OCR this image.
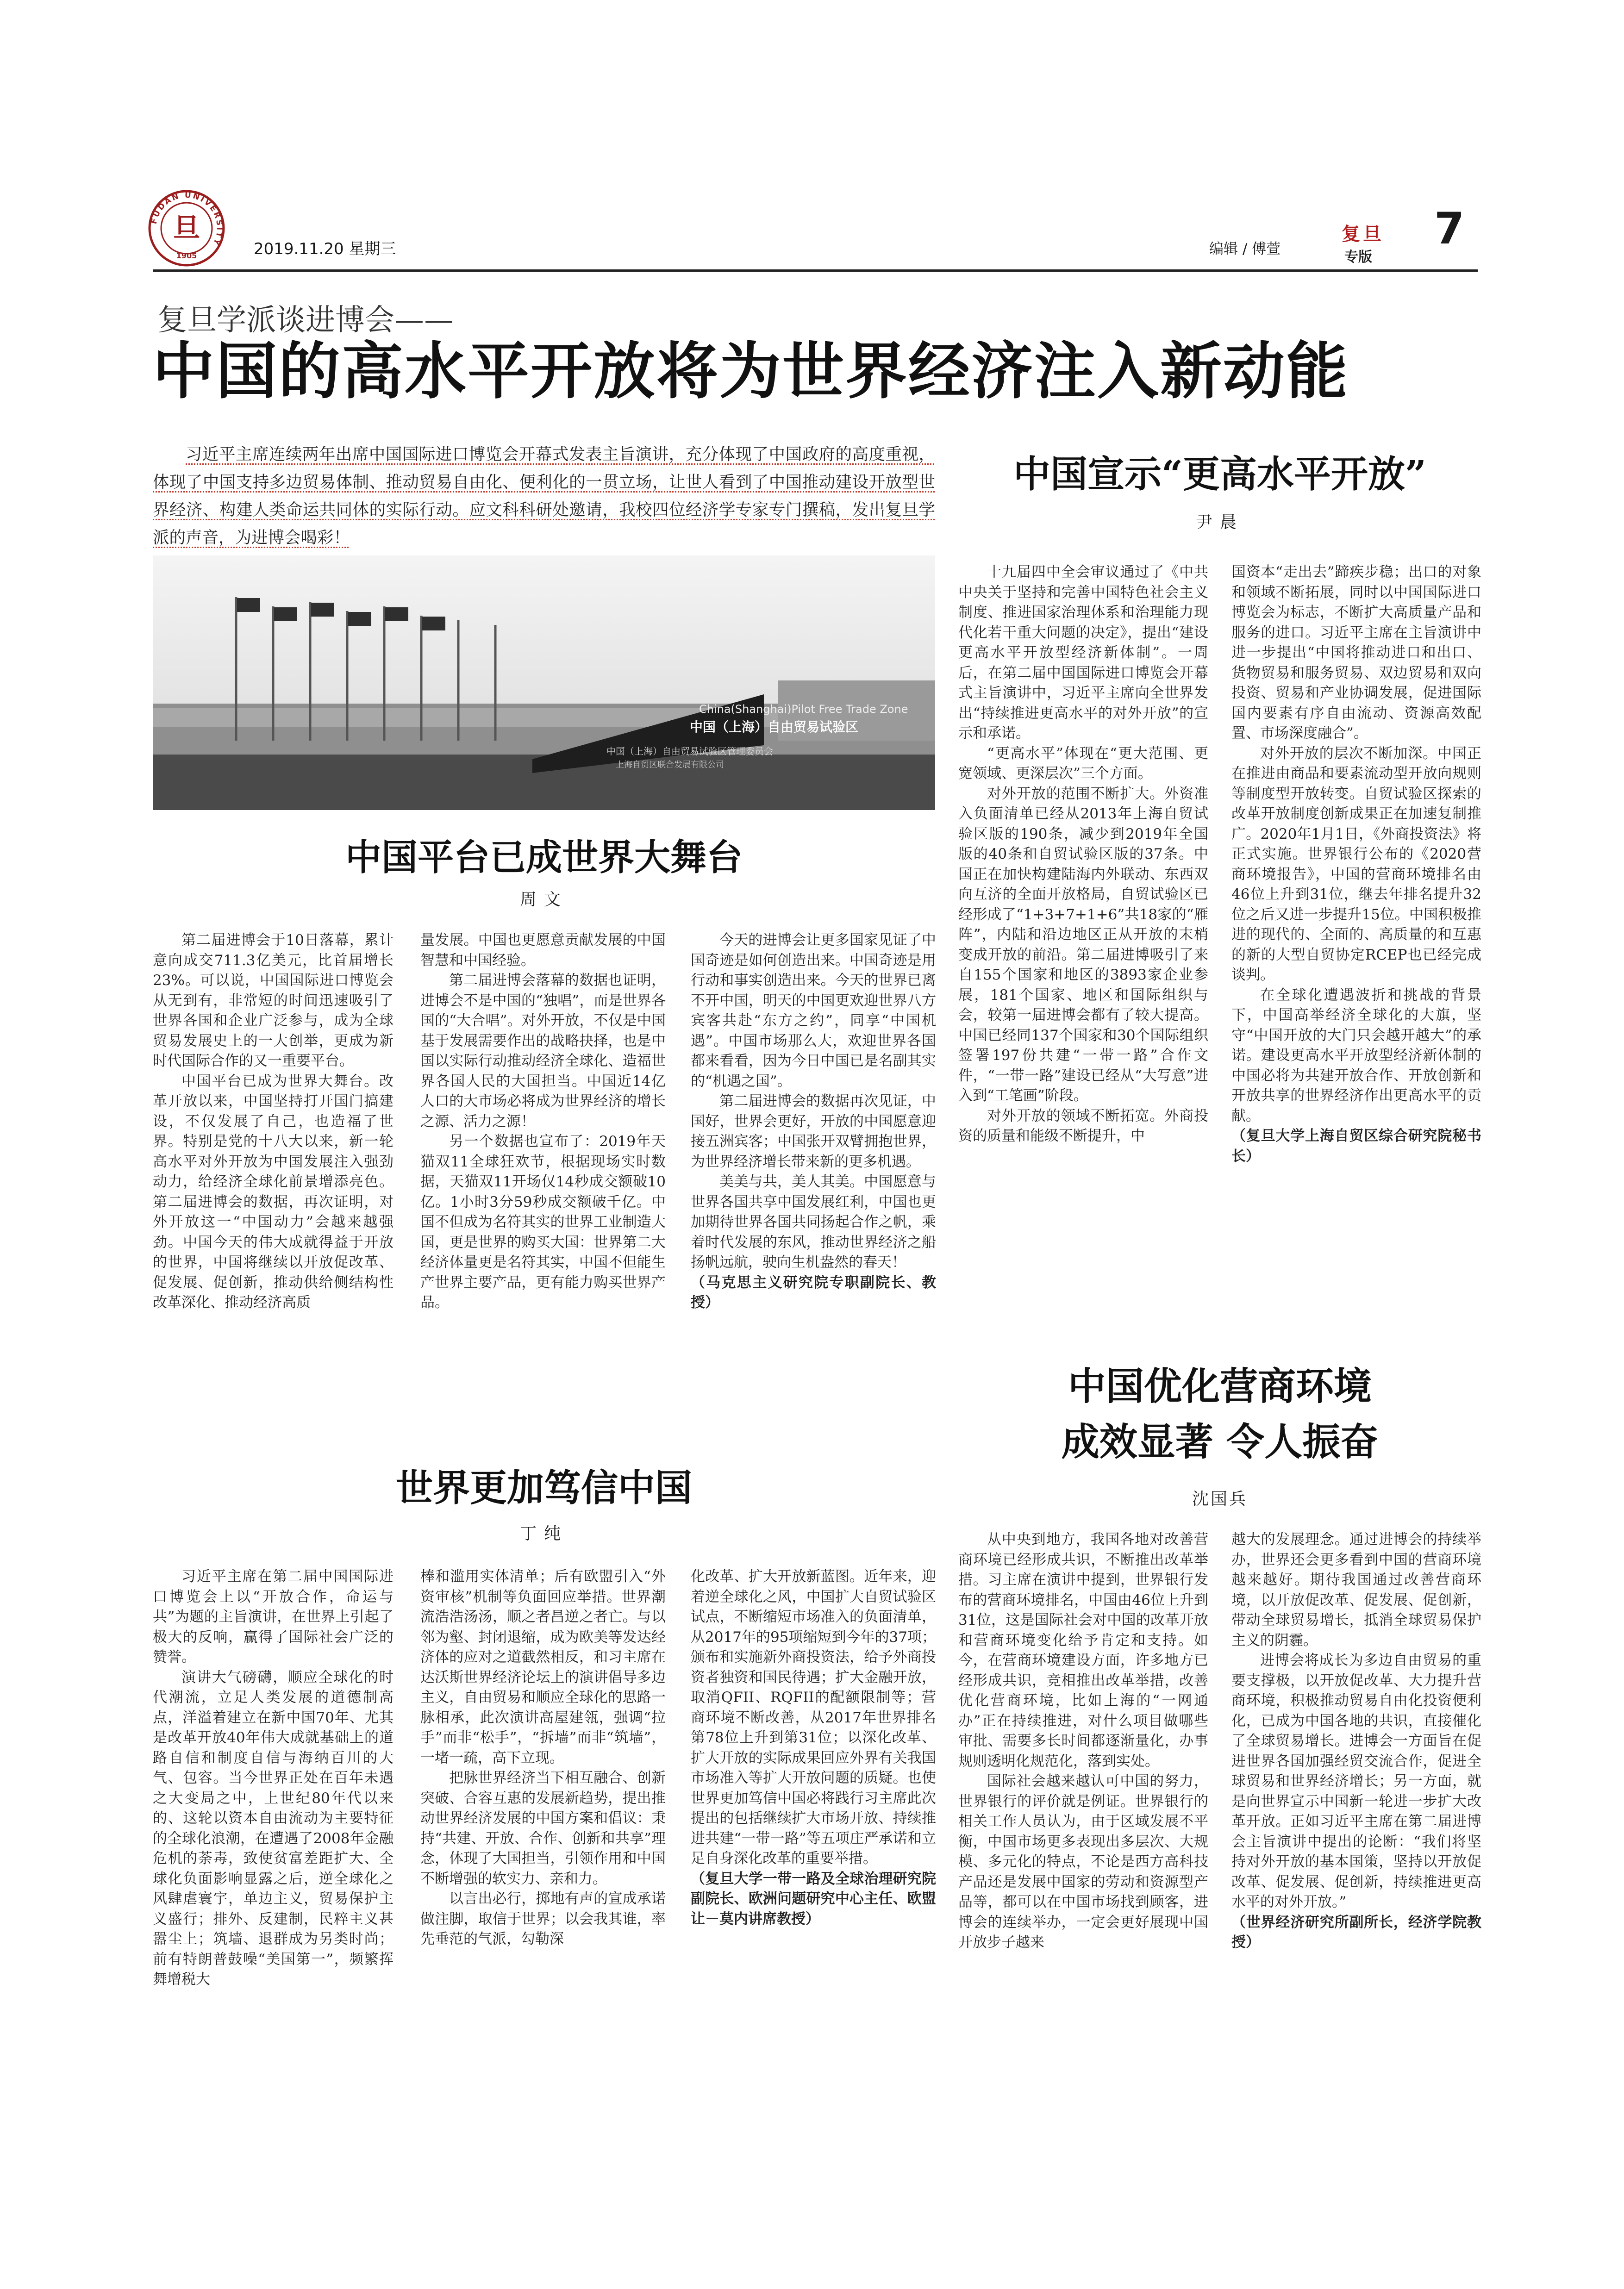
FUDAN UNIVERSITY
旦
1905	2019.11.20 星期三	编辑 / 傅萱
复旦
专版
7
复旦学派谈进博会——
中国的高水平开放将为世界经济注入新动能
习近平主席连续两年出席中国国际进口博览会开幕式发表主旨演讲，充分体现了中国政府的高度重视，体现了中国支持多边贸易体制、推动贸易自由化、便利化的一贯立场，让世人看到了中国推动建设开放型世界经济、构建人类命运共同体的实际行动。应文科科研处邀请，我校四位经济学专家专门撰稿，发出复旦学派的声音，为进博会喝彩！
China(Shanghai)Pilot Free Trade Zone
中国（上海）自由贸易试验区
中国（上海）自由贸易试验区管理委员会
上海自贸区联合发展有限公司
中国平台已成世界大舞台
周文

第二届进博会于10日落幕，累计意向成交711.3亿美元，比首届增长23%。可以说，中国国际进口博览会从无到有，非常短的时间迅速吸引了世界各国和企业广泛参与，成为全球贸易发展史上的一大创举，更成为新时代国际合作的又一重要平台。

中国平台已成为世界大舞台。改革开放以来，中国坚持打开国门搞建设，不仅发展了自己，也造福了世界。特别是党的十八大以来，新一轮高水平对外开放为中国发展注入强劲动力，给经济全球化前景增添亮色。第二届进博会的数据，再次证明，对外开放这一“中国动力”会越来越强劲。中国今天的伟大成就得益于开放的世界，中国将继续以开放促改革、促发展、促创新，推动供给侧结构性改革深化、推动经济高质

量发展。中国也更愿意贡献发展的中国智慧和中国经验。

第二届进博会落幕的数据也证明，进博会不是中国的“独唱”，而是世界各国的“大合唱”。对外开放，不仅是中国基于发展需要作出的战略抉择，也是中国以实际行动推动经济全球化、造福世界各国人民的大国担当。中国近14亿人口的大市场必将成为世界经济的增长之源、活力之源！

另一个数据也宣布了：2019年天猫双11全球狂欢节，根据现场实时数据，天猫双11开场仅14秒成交额破10亿。1小时3分59秒成交额破千亿。中国不但成为名符其实的世界工业制造大国，更是世界的购买大国：世界第二大经济体量更是名符其实，中国不但能生产世界主要产品，更有能力购买世界产品。

今天的进博会让更多国家见证了中国奇迹是如何创造出来。中国奇迹是用行动和事实创造出来。今天的世界已离不开中国，明天的中国更欢迎世界八方宾客共赴“东方之约”，同享“中国机遇”。中国市场那么大，欢迎世界各国都来看看，因为今日中国已是名副其实的“机遇之国”。

第二届进博会的数据再次见证，中国好，世界会更好，开放的中国愿意迎接五洲宾客；中国张开双臂拥抱世界，为世界经济增长带来新的更多机遇。

美美与共，美人其美。中国愿意与世界各国共享中国发展红利，中国也更加期待世界各国共同扬起合作之帆，乘着时代发展的东风，推动世界经济之船扬帆远航，驶向生机盎然的春天！

（马克思主义研究院专职副院长、教授）

中国宣示“更高水平开放”
尹晨

十九届四中全会审议通过了《中共中央关于坚持和完善中国特色社会主义制度、推进国家治理体系和治理能力现代化若干重大问题的决定》，提出“建设更高水平开放型经济新体制”。一周后，在第二届中国国际进口博览会开幕式主旨演讲中，习近平主席向全世界发出“持续推进更高水平的对外开放”的宣示和承诺。

“更高水平”体现在“更大范围、更宽领域、更深层次”三个方面。

对外开放的范围不断扩大。外资准入负面清单已经从2013年上海自贸试验区版的190条，减少到2019年全国版的40条和自贸试验区版的37条。中国正在加快构建陆海内外联动、东西双向互济的全面开放格局，自贸试验区已经形成了“1+3+7+1+6”共18家的“雁阵”，内陆和沿边地区正从开放的末梢变成开放的前沿。第二届进博吸引了来自155个国家和地区的3893家企业参展，181个国家、地区和国际组织与会，较第一届进博会都有了较大提高。中国已经同137个国家和30个国际组织签署197份共建“一带一路”合作文件，“一带一路”建设已经从“大写意”进入到“工笔画”阶段。

对外开放的领域不断拓宽。外商投资的质量和能级不断提升，中

国资本“走出去”蹄疾步稳；出口的对象和领域不断拓展，同时以中国国际进口博览会为标志，不断扩大高质量产品和服务的进口。习近平主席在主旨演讲中进一步提出“中国将推动进口和出口、货物贸易和服务贸易、双边贸易和双向投资、贸易和产业协调发展，促进国际国内要素有序自由流动、资源高效配置、市场深度融合”。

对外开放的层次不断加深。中国正在推进由商品和要素流动型开放向规则等制度型开放转变。自贸试验区探索的改革开放制度创新成果正在加速复制推广。2020年1月1日，《外商投资法》将正式实施。世界银行公布的《2020营商环境报告》，中国的营商环境排名由46位上升到31位，继去年排名提升32位之后又进一步提升15位。中国积极推进的现代的、全面的、高质量的和互惠的新的大型自贸协定RCEP也已经完成谈判。

在全球化遭遇波折和挑战的背景下，中国高举经济全球化的大旗，坚守“中国开放的大门只会越开越大”的承诺。建设更高水平开放型经济新体制的中国必将为共建开放合作、开放创新和开放共享的世界经济作出更高水平的贡献。

（复旦大学上海自贸区综合研究院秘书长）

世界更加笃信中国
丁纯

习近平主席在第二届中国国际进口博览会上以“开放合作，命运与共”为题的主旨演讲，在世界上引起了极大的反响，赢得了国际社会广泛的赞誉。

演讲大气磅礴，顺应全球化的时代潮流，立足人类发展的道德制高点，洋溢着建立在新中国70年、尤其是改革开放40年伟大成就基础上的道路自信和制度自信与海纳百川的大气、包容。当今世界正处在百年未遇之大变局之中，上世纪80年代以来的、这轮以资本自由流动为主要特征的全球化浪潮，在遭遇了2008年金融危机的荼毒，致使贫富差距扩大、全球化负面影响显露之后，逆全球化之风肆虐寰宇，单边主义，贸易保护主义盛行；排外、反建制，民粹主义甚嚣尘上；筑墙、退群成为另类时尚；前有特朗普鼓噪“美国第一”，频繁挥舞增税大

棒和滥用实体清单；后有欧盟引入“外资审核”机制等负面回应举措。世界潮流浩浩汤汤，顺之者昌逆之者亡。与以邻为壑、封闭退缩，成为欧美等发达经济体的应对之道截然相反，和习主席在达沃斯世界经济论坛上的演讲倡导多边主义，自由贸易和顺应全球化的思路一脉相承，此次演讲高屋建瓴，强调“拉手”而非“松手”，“拆墙”而非“筑墙”，一堵一疏，高下立现。

把脉世界经济当下相互融合、创新突破、合容互惠的发展新趋势，提出推动世界经济发展的中国方案和倡议：秉持“共建、开放、合作、创新和共享”理念，体现了大国担当，引领作用和中国不断增强的软实力、亲和力。

以言出必行，掷地有声的宣成承诺做注脚，取信于世界；以会我其谁，率先垂范的气派，勾勒深

化改革、扩大开放新蓝图。近年来，迎着逆全球化之风，中国扩大自贸试验区试点，不断缩短市场准入的负面清单，从2017年的95项缩短到今年的37项；颁布和实施新外商投资法，给予外商投资者独资和国民待遇；扩大金融开放，取消QFII、RQFII的配额限制等；营商环境不断改善，从2017年世界排名第78位上升到第31位；以深化改革、扩大开放的实际成果回应外界有关我国市场准入等扩大开放问题的质疑。也使世界更加笃信中国必将践行习主席此次提出的包括继续扩大市场开放、持续推进共建“一带一路”等五项庄严承诺和立足自身深化改革的重要举措。

（复旦大学一带一路及全球治理研究院副院长、欧洲问题研究中心主任、欧盟让－莫内讲席教授）

中国优化营商环境
成效显著 令人振奋
沈国兵

从中央到地方，我国各地对改善营商环境已经形成共识，不断推出改革举措。习主席在演讲中提到，世界银行发布的营商环境排名，中国由46位上升到31位，这是国际社会对中国的改革开放和营商环境变化给予肯定和支持。如今，在营商环境建设方面，许多地方已经形成共识，竞相推出改革举措，改善优化营商环境，比如上海的“一网通办”正在持续推进，对什么项目做哪些审批、需要多长时间都逐渐量化，办事规则透明化规范化，落到实处。

国际社会越来越认可中国的努力，世界银行的评价就是例证。世界银行的相关工作人员认为，由于区域发展不平衡，中国市场更多表现出多层次、大规模、多元化的特点，不论是西方高科技产品还是发展中国家的劳动和资源型产品等，都可以在中国市场找到顾客，进博会的连续举办，一定会更好展现中国开放步子越来

越大的发展理念。通过进博会的持续举办，世界还会更多看到中国的营商环境越来越好。期待我国通过改善营商环境，以开放促改革、促发展、促创新，带动全球贸易增长，抵消全球贸易保护主义的阴霾。

进博会将成长为多边自由贸易的重要支撑极，以开放促改革、大力提升营商环境，积极推动贸易自由化投资便利化，已成为中国各地的共识，直接催化了全球贸易增长。进博会一方面旨在促进世界各国加强经贸交流合作，促进全球贸易和世界经济增长；另一方面，就是向世界宣示中国新一轮进一步扩大改革开放。正如习近平主席在第二届进博会主旨演讲中提出的论断：“我们将坚持对外开放的基本国策，坚持以开放促改革、促发展、促创新，持续推进更高水平的对外开放。”

（世界经济研究所副所长，经济学院教授）
